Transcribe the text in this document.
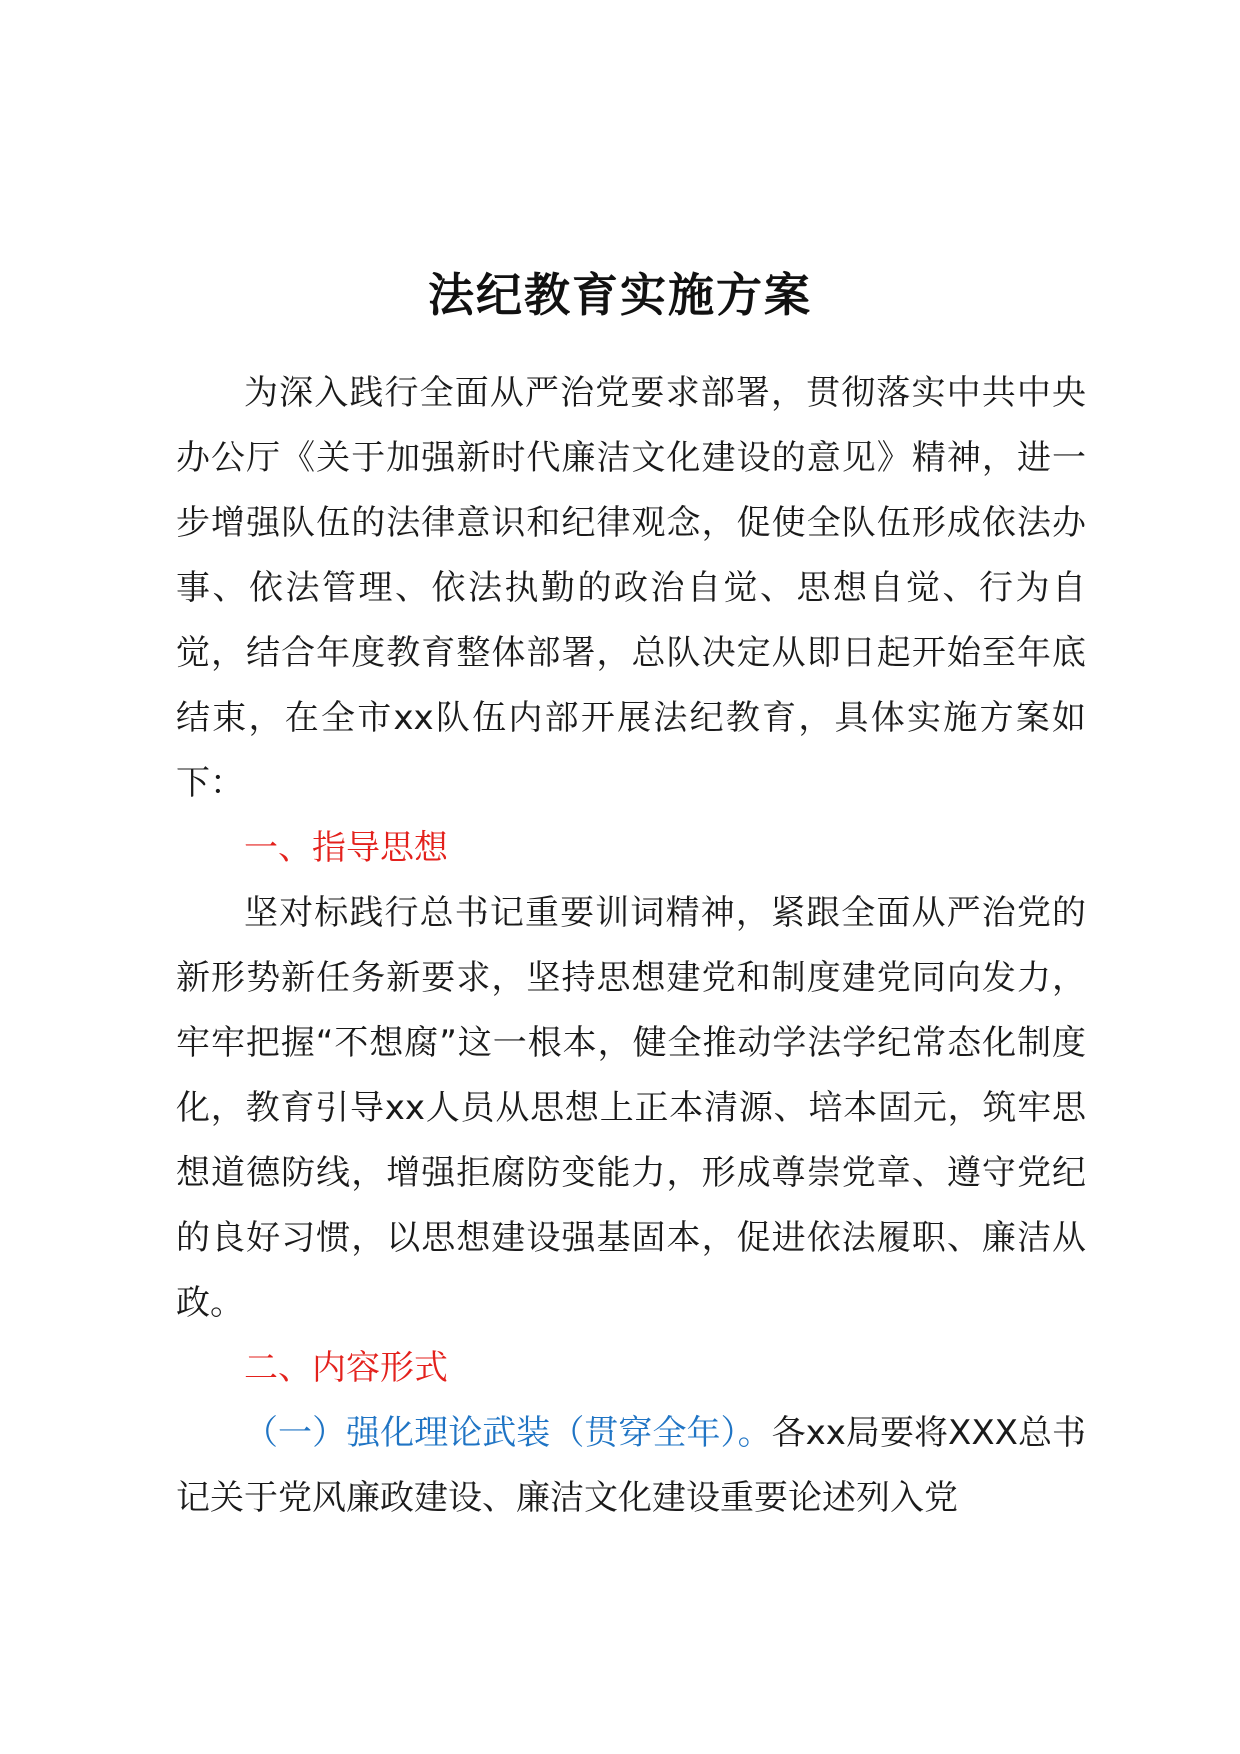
法纪教育实施方案

为深入践行全面从严治党要求部署，贯彻落实中共中央办公厅《关于加强新时代廉洁文化建设的意见》精神，进一步增强队伍的法律意识和纪律观念，促使全队伍形成依法办事、依法管理、依法执勤的政治自觉、思想自觉、行为自觉，结合年度教育整体部署，总队决定从即日起开始至年底结束，在全市xx队伍内部开展法纪教育，具体实施方案如下：

一、指导思想

坚对标践行总书记重要训词精神，紧跟全面从严治党的新形势新任务新要求，坚持思想建党和制度建党同向发力，牢牢把握“不想腐”这一根本，健全推动学法学纪常态化制度化，教育引导xx人员从思想上正本清源、培本固元，筑牢思想道德防线，增强拒腐防变能力，形成尊崇党章、遵守党纪的良好习惯，以思想建设强基固本，促进依法履职、廉洁从政。

二、内容形式

（一）强化理论武装（贯穿全年）。各xx局要将XXX总书记关于党风廉政建设、廉洁文化建设重要论述列入党
